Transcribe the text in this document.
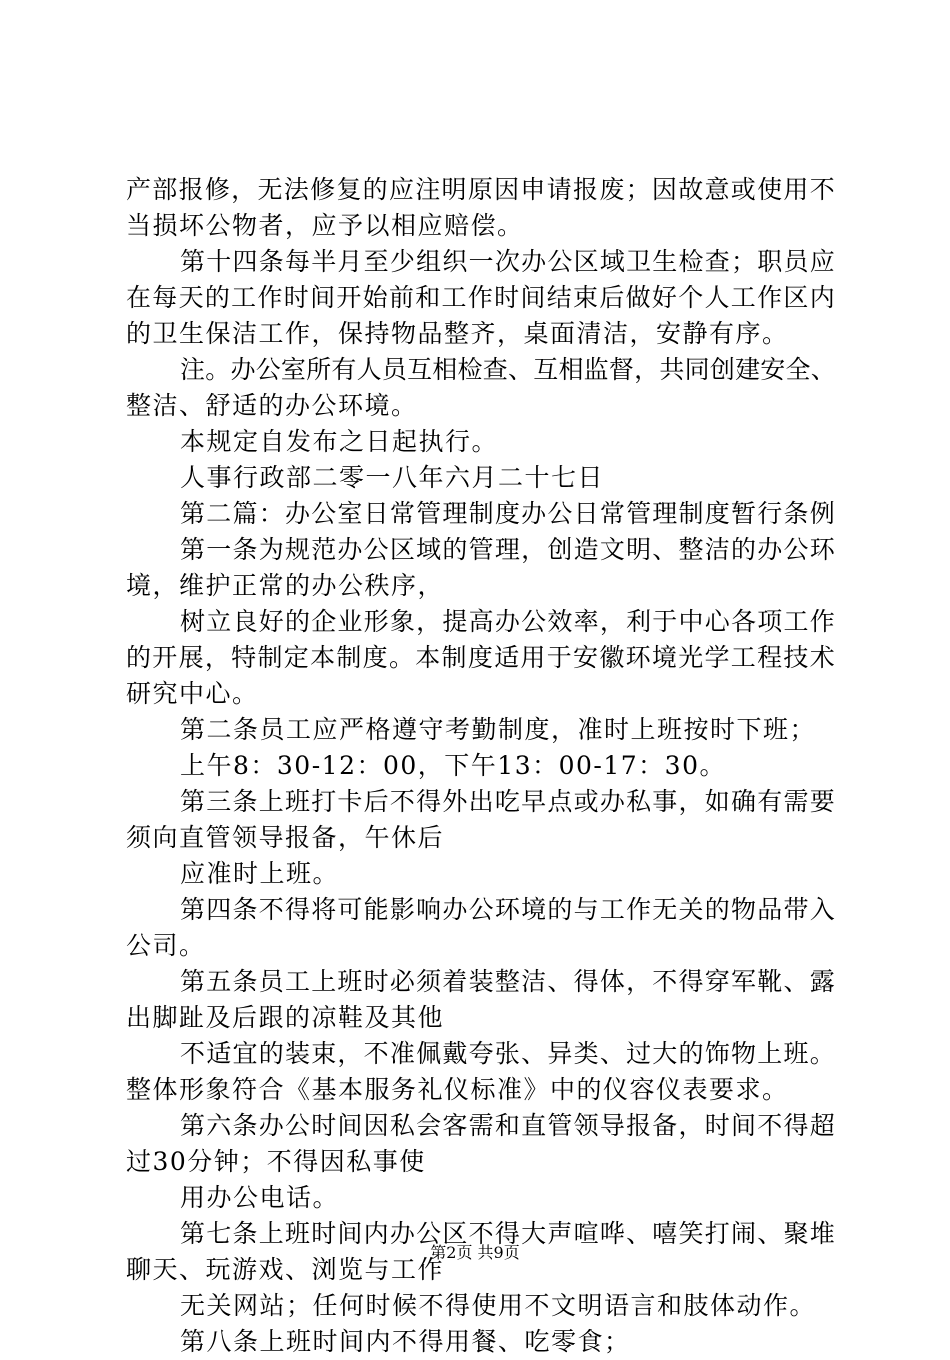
产部报修，无法修复的应注明原因申请报废；因故意或使用不
当损坏公物者，应予以相应赔偿。
第十四条每半月至少组织一次办公区域卫生检查；职员应
在每天的工作时间开始前和工作时间结束后做好个人工作区内
的卫生保洁工作，保持物品整齐，桌面清洁，安静有序。
注。办公室所有人员互相检查、互相监督，共同创建安全、
整洁、舒适的办公环境。
本规定自发布之日起执行。
人事行政部二零一八年六月二十七日
第二篇：办公室日常管理制度办公日常管理制度暂行条例
第一条为规范办公区域的管理，创造文明、整洁的办公环
境，维护正常的办公秩序，
树立良好的企业形象，提高办公效率，利于中心各项工作
的开展，特制定本制度。本制度适用于安徽环境光学工程技术
研究中心。
第二条员工应严格遵守考勤制度，准时上班按时下班；
上午8：30-12：00，下午13：00-17：30。
第三条上班打卡后不得外出吃早点或办私事，如确有需要
须向直管领导报备，午休后
应准时上班。
第四条不得将可能影响办公环境的与工作无关的物品带入
公司。
第五条员工上班时必须着装整洁、得体，不得穿军靴、露
出脚趾及后跟的凉鞋及其他
不适宜的装束，不准佩戴夸张、异类、过大的饰物上班。
整体形象符合《基本服务礼仪标准》中的仪容仪表要求。
第六条办公时间因私会客需和直管领导报备，时间不得超
过30分钟；不得因私事使
用办公电话。
第七条上班时间内办公区不得大声喧哗、嘻笑打闹、聚堆
聊天、玩游戏、浏览与工作
无关网站；任何时候不得使用不文明语言和肢体动作。
第八条上班时间内不得用餐、吃零食；
第2页 共9页
